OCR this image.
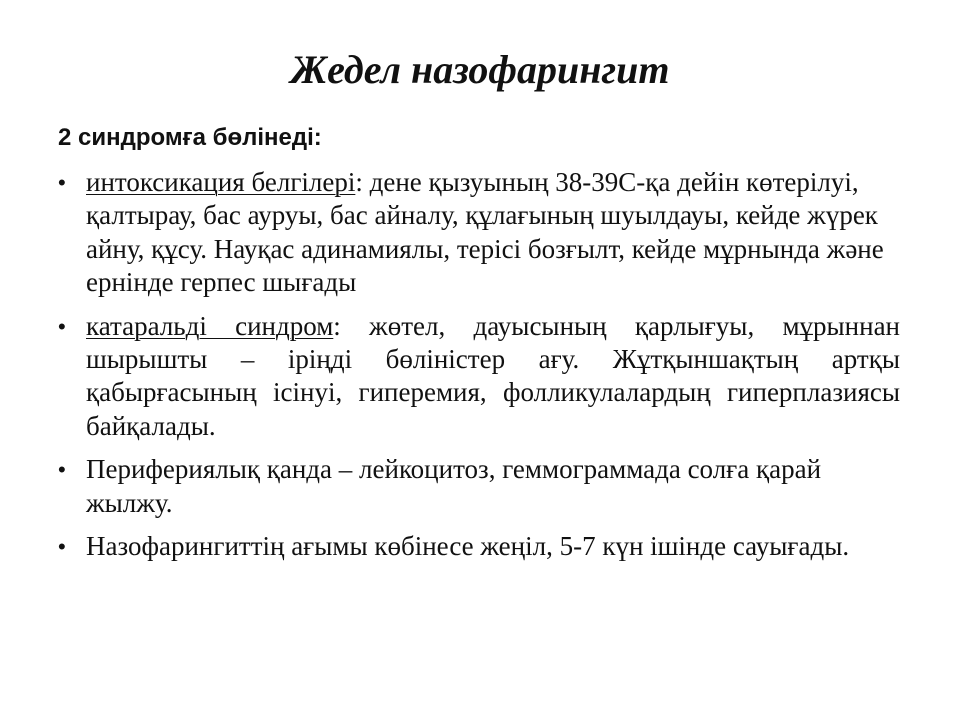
Жедел назофарингит

2 синдромға бөлінеді:

• интоксикация белгілері: дене қызуының 38-39С-қа дейін көтерілуі, қалтырау, бас ауруы, бас айналу, құлағының шуылдауы, кейде жүрек айну, құсу. Науқас адинамиялы, терісі бозғылт, кейде мұрнында және ернінде герпес шығады
• катаральді синдром: жөтел, дауысының қарлығуы, мұрыннан шырышты – іріңді бөліністер ағу. Жұтқыншақтың артқы қабырғасының ісінуі, гиперемия, фолликулалардың гиперплазиясы байқалады.
• Перифериялық қанда – лейкоцитоз, геммограммада солға қарай жылжу.
• Назофарингиттің ағымы көбінесе жеңіл, 5-7 күн ішінде сауығады.
